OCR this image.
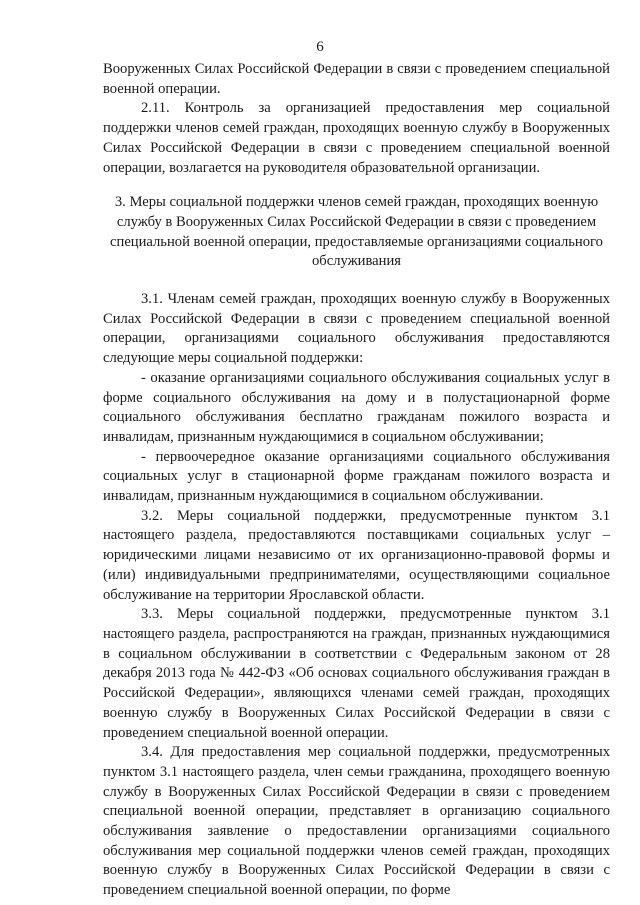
6

Вооруженных Силах Российской Федерации в связи с проведением специальной военной операции.

2.11. Контроль за организацией предоставления мер социальной поддержки членов семей граждан, проходящих военную службу в Вооруженных Силах Российской Федерации в связи с проведением специальной военной операции, возлагается на руководителя образовательной организации.

3. Меры социальной поддержки членов семей граждан, проходящих военную службу в Вооруженных Силах Российской Федерации в связи с проведением специальной военной операции, предоставляемые организациями социального обслуживания

3.1. Членам семей граждан, проходящих военную службу в Вооруженных Силах Российской Федерации в связи с проведением специальной военной операции, организациями социального обслуживания предоставляются следующие меры социальной поддержки:

- оказание организациями социального обслуживания социальных услуг в форме социального обслуживания на дому и в полустационарной форме социального обслуживания бесплатно гражданам пожилого возраста и инвалидам, признанным нуждающимися в социальном обслуживании;

- первоочередное оказание организациями социального обслуживания социальных услуг в стационарной форме гражданам пожилого возраста и инвалидам, признанным нуждающимися в социальном обслуживании.

3.2. Меры социальной поддержки, предусмотренные пунктом 3.1 настоящего раздела, предоставляются поставщиками социальных услуг – юридическими лицами независимо от их организационно-правовой формы и (или) индивидуальными предпринимателями, осуществляющими социальное обслуживание на территории Ярославской области.

3.3. Меры социальной поддержки, предусмотренные пунктом 3.1 настоящего раздела, распространяются на граждан, признанных нуждающимися в социальном обслуживании в соответствии с Федеральным законом от 28 декабря 2013 года № 442-ФЗ «Об основах социального обслуживания граждан в Российской Федерации», являющихся членами семей граждан, проходящих военную службу в Вооруженных Силах Российской Федерации в связи с проведением специальной военной операции.

3.4. Для предоставления мер социальной поддержки, предусмотренных пунктом 3.1 настоящего раздела, член семьи гражданина, проходящего военную службу в Вооруженных Силах Российской Федерации в связи с проведением специальной военной операции, представляет в организацию социального обслуживания заявление о предоставлении организациями социального обслуживания мер социальной поддержки членов семей граждан, проходящих военную службу в Вооруженных Силах Российской Федерации в связи с проведением специальной военной операции, по форме
